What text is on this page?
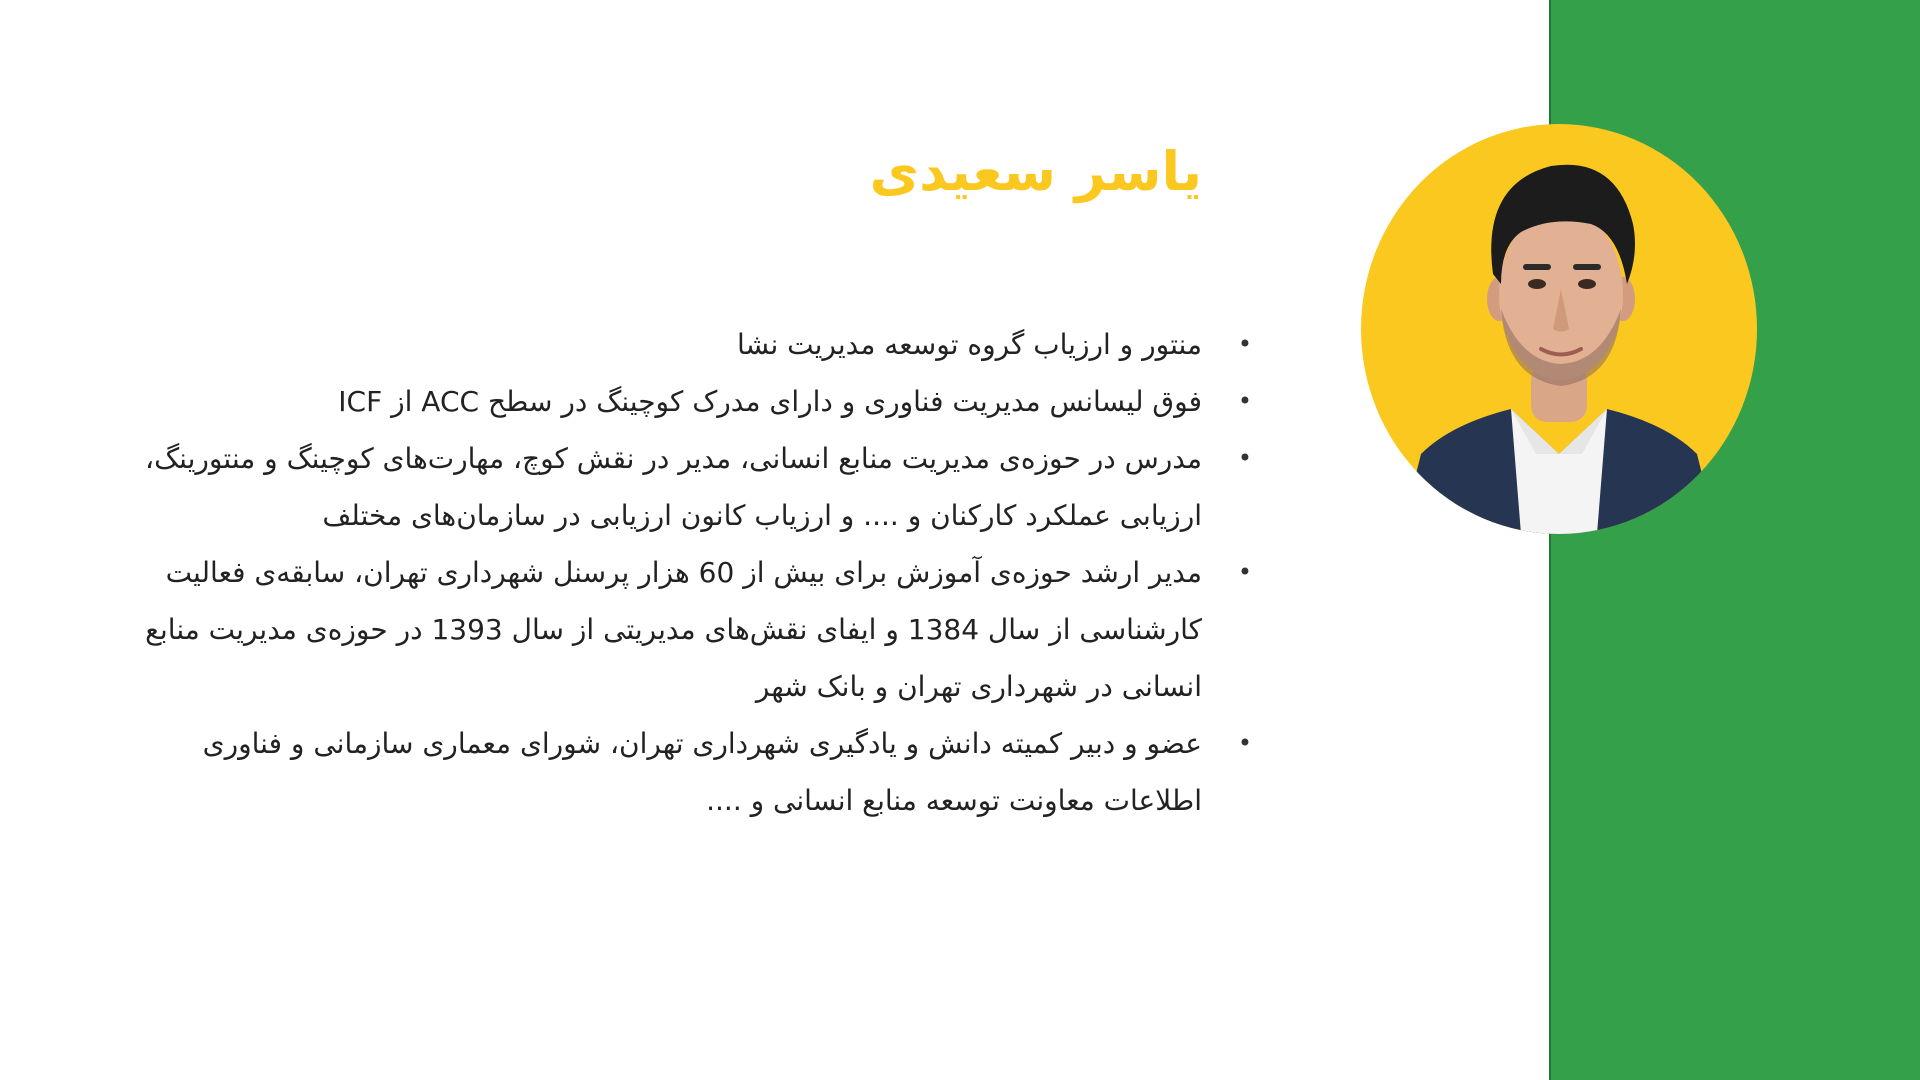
یاسر سعیدی
•
منتور و ارزیاب گروه توسعه مدیریت نشا
•
فوق لیسانس مدیریت فناوری و دارای مدرک کوچینگ در سطح ACC از ICF
•
مدرس در حوزه‌ی مدیریت منابع انسانی، مدیر در نقش کوچ، مهارت‌های کوچینگ و منتورینگ، ارزیابی عملکرد کارکنان و .... و ارزیاب کانون ارزیابی در سازمان‌های مختلف
•
مدیر ارشد حوزه‌ی آموزش برای بیش از 60 هزار پرسنل شهرداری تهران، سابقه‌ی فعالیت کارشناسی از سال 1384 و ایفای نقش‌های مدیریتی از سال 1393 در حوزه‌ی مدیریت منابع انسانی در شهرداری تهران و بانک شهر
•
عضو و دبیر کمیته دانش و یادگیری شهرداری تهران، شورای معماری سازمانی و فناوری اطلاعات معاونت توسعه منابع انسانی و ....
